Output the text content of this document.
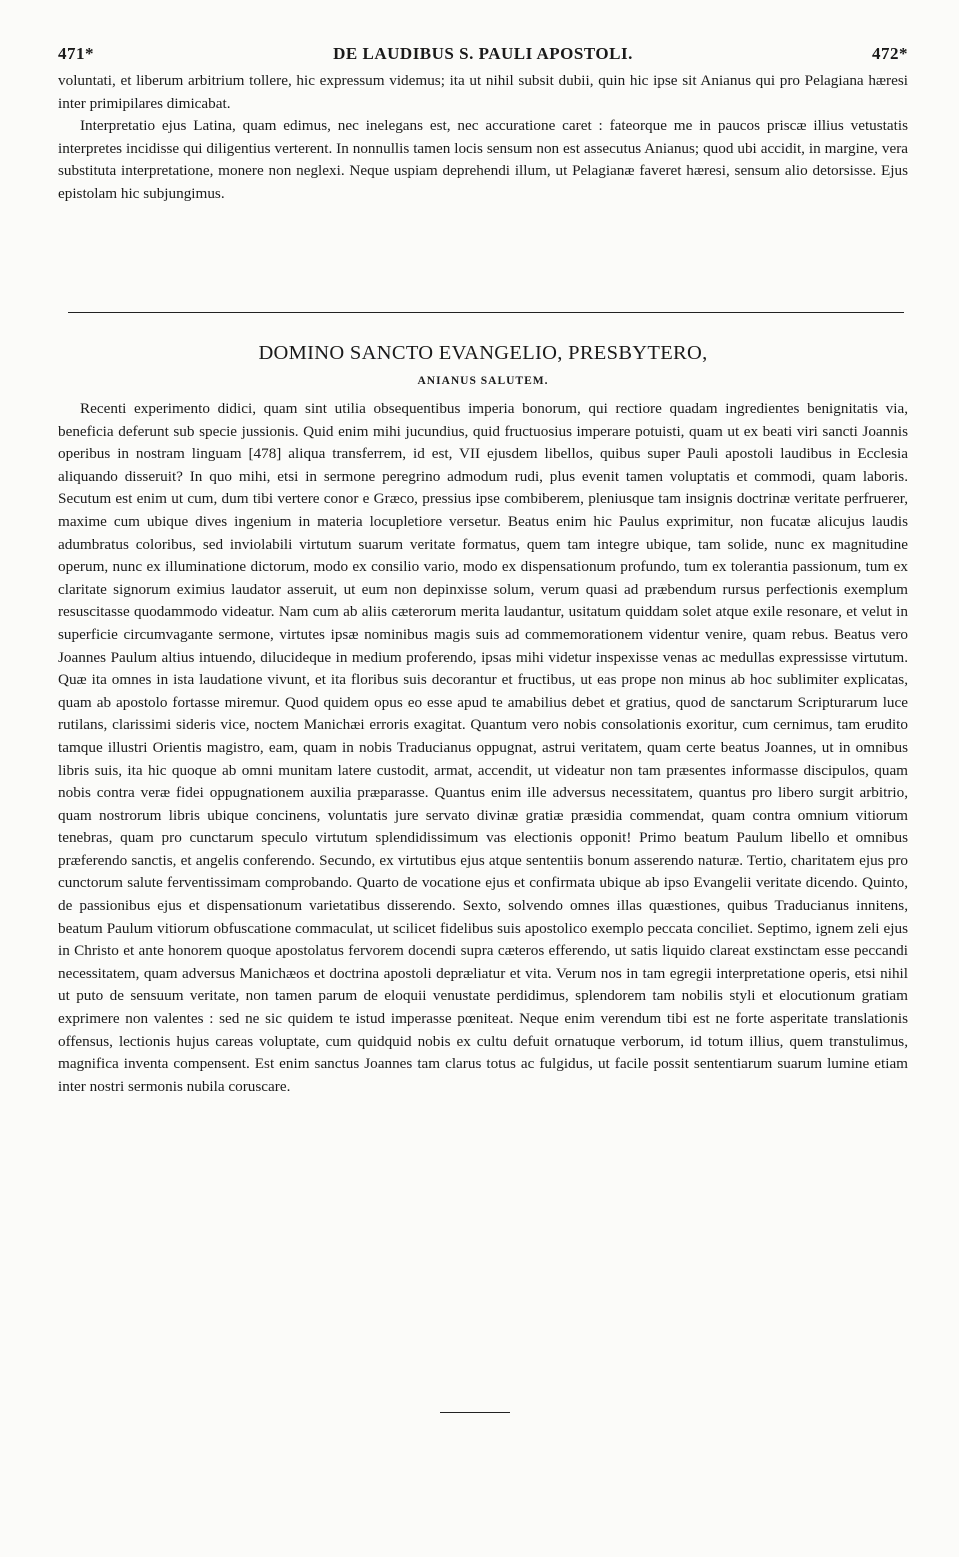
471*	DE LAUDIBUS S. PAULI APOSTOLI.	472*

voluntati, et liberum arbitrium tollere, hic expressum videmus; ita ut nihil subsit dubii, quin hic ipse sit Anianus qui pro Pelagiana hæresi inter primipilares dimicabat.

Interpretatio ejus Latina, quam edimus, nec inelegans est, nec accuratione caret : fateorque me in paucos priscæ illius vetustatis interpretes incidisse qui diligentius verterent. In nonnullis tamen locis sensum non est assecutus Anianus; quod ubi accidit, in margine, vera substituta interpretatione, monere non neglexi. Neque uspiam deprehendi illum, ut Pelagianæ faveret hæresi, sensum alio detorsisse. Ejus epistolam hic subjungimus.

DOMINO SANCTO EVANGELIO, PRESBYTERO,
ANIANUS SALUTEM.

Recenti experimento didici, quam sint utilia obsequentibus imperia bonorum, qui rectiore quadam ingredientes benignitatis via, beneficia deferunt sub specie jussionis. Quid enim mihi jucundius, quid fructuosius imperare potuisti, quam ut ex beati viri sancti Joannis operibus in nostram linguam [478] aliqua transferrem, id est, VII ejusdem libellos, quibus super Pauli apostoli laudibus in Ecclesia aliquando disseruit? In quo mihi, etsi in sermone peregrino admodum rudi, plus evenit tamen voluptatis et commodi, quam laboris. Secutum est enim ut cum, dum tibi vertere conor e Græco, pressius ipse combiberem, pleniusque tam insignis doctrinæ veritate perfruerer, maxime cum ubique dives ingenium in materia locupletiore versetur. Beatus enim hic Paulus exprimitur, non fucatæ alicujus laudis adumbratus coloribus, sed inviolabili virtutum suarum veritate formatus, quem tam integre ubique, tam solide, nunc ex magnitudine operum, nunc ex illuminatione dictorum, modo ex consilio vario, modo ex dispensationum profundo, tum ex tolerantia passionum, tum ex claritate signorum eximius laudator asseruit, ut eum non depinxisse solum, verum quasi ad præbendum rursus perfectionis exemplum resuscitasse quodammodo videatur. Nam cum ab aliis cæterorum merita laudantur, usitatum quiddam solet atque exile resonare, et velut in superficie circumvagante sermone, virtutes ipsæ nominibus magis suis ad commemorationem videntur venire, quam rebus. Beatus vero Joannes Paulum altius intuendo, dilucideque in medium proferendo, ipsas mihi videtur inspexisse venas ac medullas expressisse virtutum. Quæ ita omnes in ista laudatione vivunt, et ita floribus suis decorantur et fructibus, ut eas prope non minus ab hoc sublimiter explicatas, quam ab apostolo fortasse miremur. Quod quidem opus eo esse apud te amabilius debet et gratius, quod de sanctarum Scripturarum luce rutilans, clarissimi sideris vice, noctem Manichæi erroris exagitat. Quantum vero nobis consolationis exoritur, cum cernimus, tam erudito tamque illustri Orientis magistro, eam, quam in nobis Traducianus oppugnat, astrui veritatem, quam certe beatus Joannes, ut in omnibus libris suis, ita hic quoque ab omni munitam latere custodit, armat, accendit, ut videatur non tam præsentes informasse discipulos, quam nobis contra veræ fidei oppugnationem auxilia præparasse. Quantus enim ille adversus necessitatem, quantus pro libero surgit arbitrio, quam nostrorum libris ubique concinens, voluntatis jure servato divinæ gratiæ præsidia commendat, quam contra omnium vitiorum tenebras, quam pro cunctarum speculo virtutum splendidissimum vas electionis opponit! Primo beatum Paulum libello et omnibus præferendo sanctis, et angelis conferendo. Secundo, ex virtutibus ejus atque sententiis bonum asserendo naturæ. Tertio, charitatem ejus pro cunctorum salute ferventissimam comprobando. Quarto de vocatione ejus et confirmata ubique ab ipso Evangelii veritate dicendo. Quinto, de passionibus ejus et dispensationum varietatibus disserendo. Sexto, solvendo omnes illas quæstiones, quibus Traducianus innitens, beatum Paulum vitiorum obfuscatione commaculat, ut scilicet fidelibus suis apostolico exemplo peccata conciliet. Septimo, ignem zeli ejus in Christo et ante honorem quoque apostolatus fervorem docendi supra cæteros efferendo, ut satis liquido clareat exstinctam esse peccandi necessitatem, quam adversus Manichæos et doctrina apostoli depræliatur et vita. Verum nos in tam egregii interpretatione operis, etsi nihil ut puto de sensuum veritate, non tamen parum de eloquii venustate perdidimus, splendorem tam nobilis styli et elocutionum gratiam exprimere non valentes : sed ne sic quidem te istud imperasse pœniteat. Neque enim verendum tibi est ne forte asperitate translationis offensus, lectionis hujus careas voluptate, cum quidquid nobis ex cultu defuit ornatuque verborum, id totum illius, quem transtulimus, magnifica inventa compensent. Est enim sanctus Joannes tam clarus totus ac fulgidus, ut facile possit sententiarum suarum lumine etiam inter nostri sermonis nubila coruscare.
